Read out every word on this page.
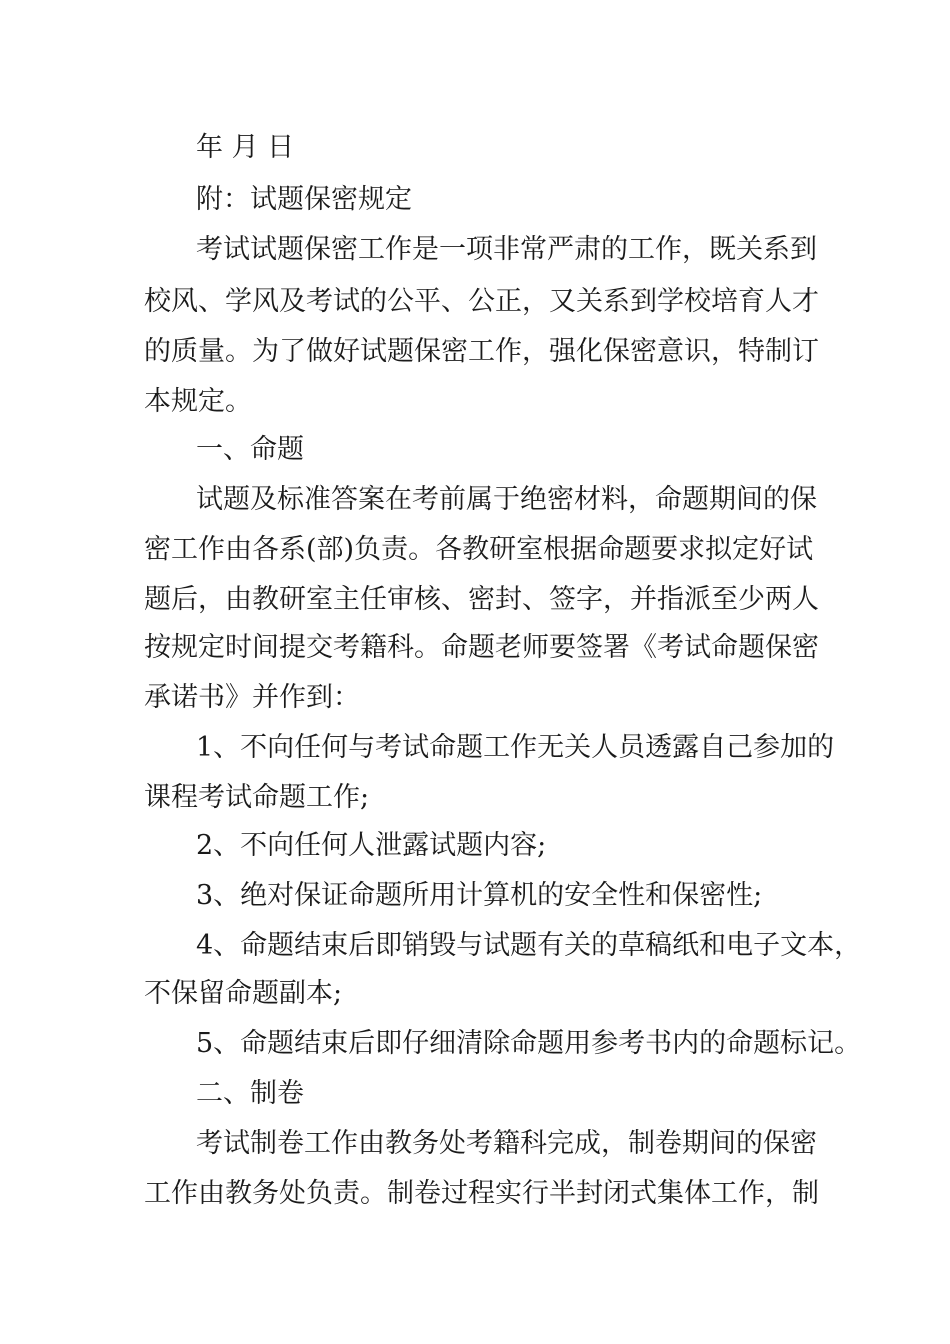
年 月 日
附：试题保密规定
考试试题保密工作是一项非常严肃的工作，既关系到
校风、学风及考试的公平、公正，又关系到学校培育人才
的质量。为了做好试题保密工作，强化保密意识，特制订
本规定。
一、命题
试题及标准答案在考前属于绝密材料，命题期间的保
密工作由各系(部)负责。各教研室根据命题要求拟定好试
题后，由教研室主任审核、密封、签字，并指派至少两人
按规定时间提交考籍科。命题老师要签署《考试命题保密
承诺书》并作到：
1、不向任何与考试命题工作无关人员透露自己参加的
课程考试命题工作;
2、不向任何人泄露试题内容;
3、绝对保证命题所用计算机的安全性和保密性;
4、命题结束后即销毁与试题有关的草稿纸和电子文本，
不保留命题副本;
5、命题结束后即仔细清除命题用参考书内的命题标记。
二、制卷
考试制卷工作由教务处考籍科完成，制卷期间的保密
工作由教务处负责。制卷过程实行半封闭式集体工作，制
